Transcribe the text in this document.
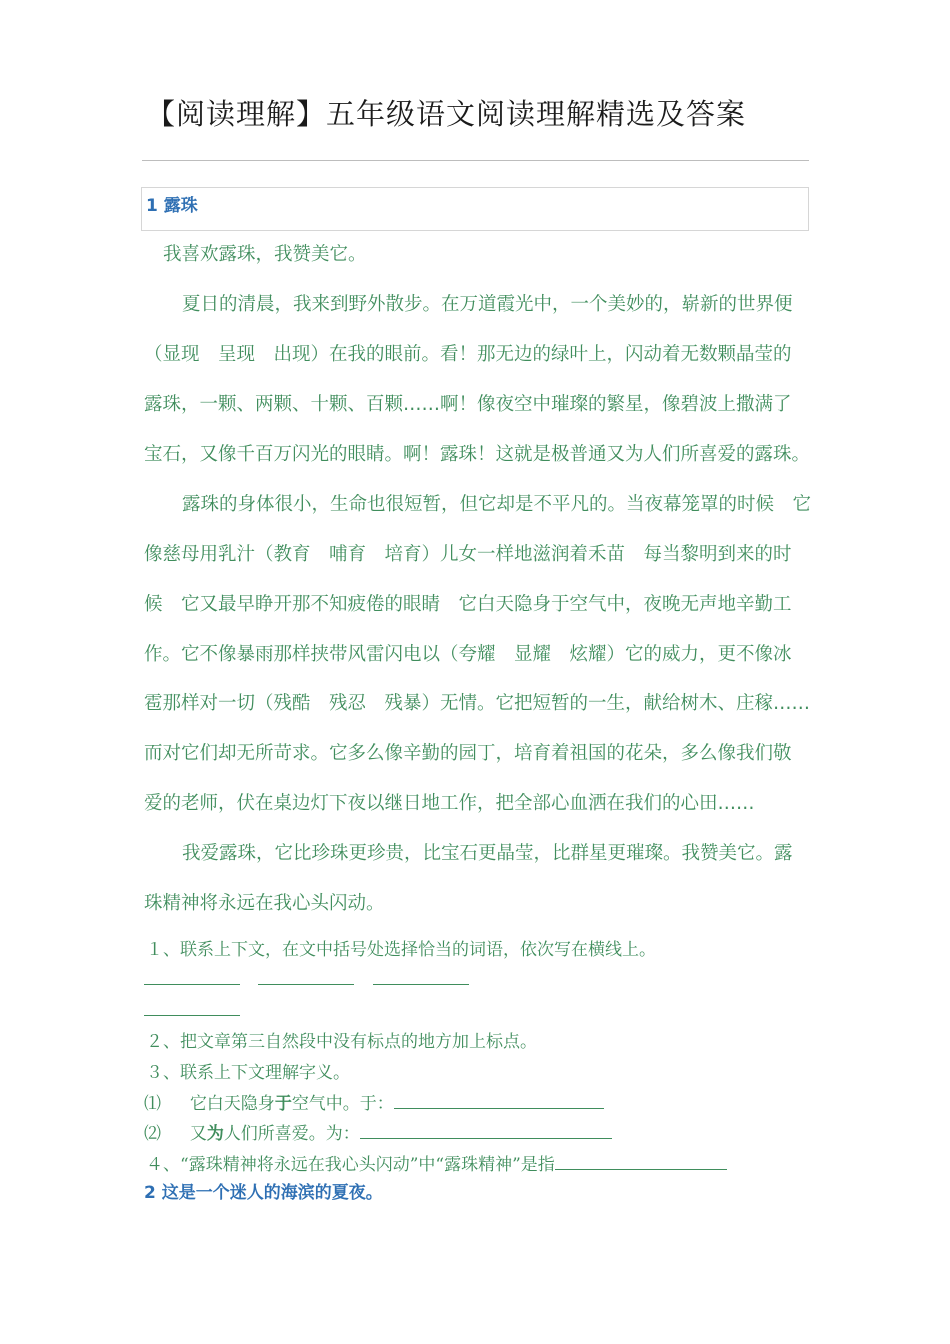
【阅读理解】五年级语文阅读理解精选及答案
1 露珠
我喜欢露珠，我赞美它。
夏日的清晨，我来到野外散步。在万道霞光中，一个美妙的，崭新的世界便
（显现　呈现　出现）在我的眼前。看！那无边的绿叶上，闪动着无数颗晶莹的
露珠，一颗、两颗、十颗、百颗……啊！像夜空中璀璨的繁星，像碧波上撒满了
宝石，又像千百万闪光的眼睛。啊！露珠！这就是极普通又为人们所喜爱的露珠。
露珠的身体很小，生命也很短暂，但它却是不平凡的。当夜幕笼罩的时候　它
像慈母用乳汁（教育　哺育　培育）儿女一样地滋润着禾苗　每当黎明到来的时
候　它又最早睁开那不知疲倦的眼睛　它白天隐身于空气中，夜晚无声地辛勤工
作。它不像暴雨那样挟带风雷闪电以（夸耀　显耀　炫耀）它的威力，更不像冰
雹那样对一切（残酷　残忍　残暴）无情。它把短暂的一生，献给树木、庄稼……
而对它们却无所苛求。它多么像辛勤的园丁，培育着祖国的花朵，多么像我们敬
爱的老师，伏在桌边灯下夜以继日地工作，把全部心血洒在我们的心田……
我爱露珠，它比珍珠更珍贵，比宝石更晶莹，比群星更璀璨。我赞美它。露
珠精神将永远在我心头闪动。
１、联系上下文，在文中括号处选择恰当的词语，依次写在横线上。
２、把文章第三自然段中没有标点的地方加上标点。
３、联系上下文理解字义。
⑴ 它白天隐身于空气中。于：
⑵ 又为人们所喜爱。为：
４、“露珠精神将永远在我心头闪动”中“露珠精神”是指
2 这是一个迷人的海滨的夏夜。
